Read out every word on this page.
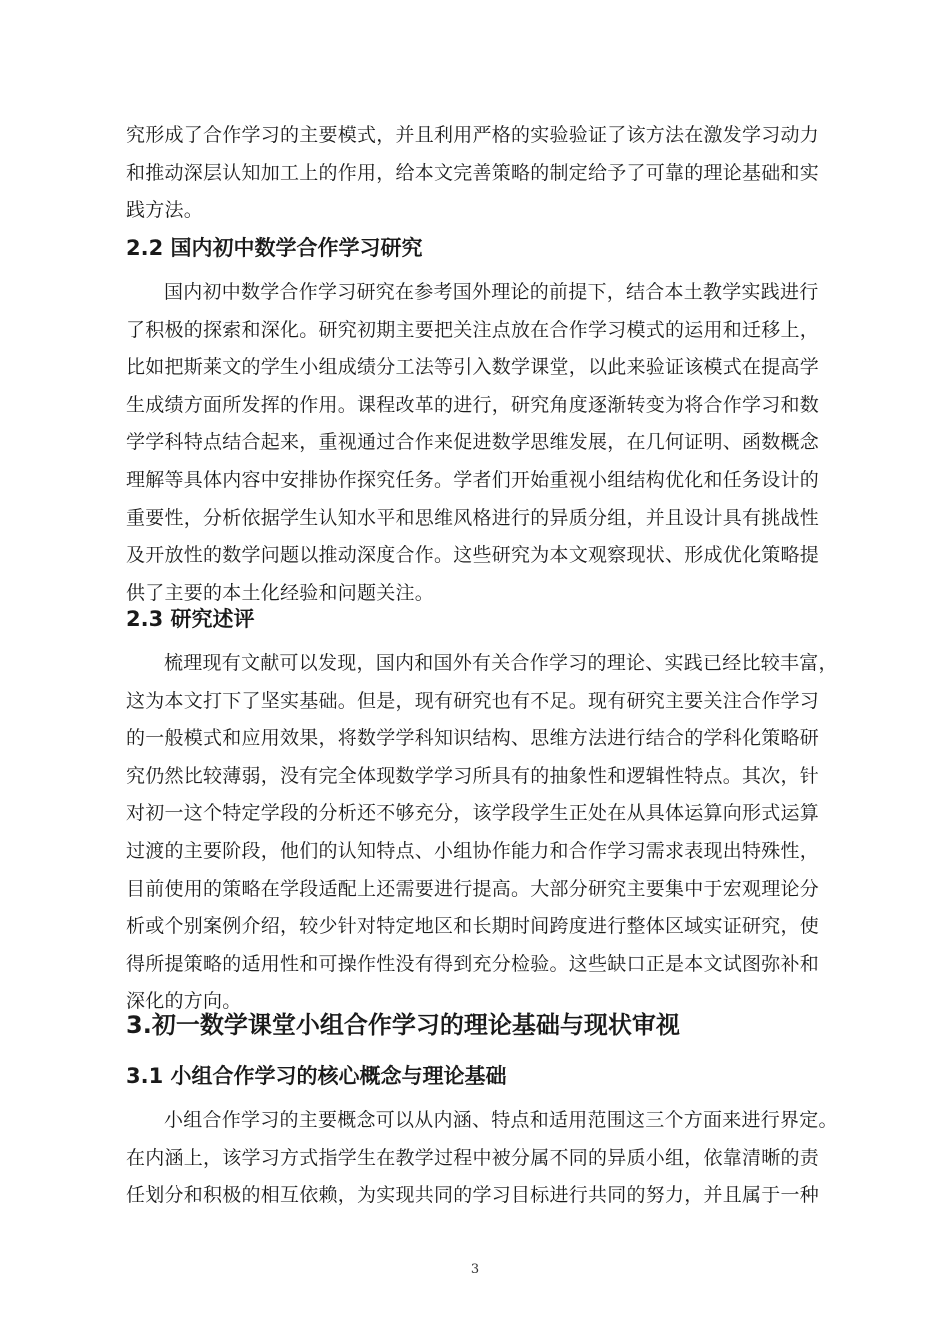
究形成了合作学习的主要模式，并且利用严格的实验验证了该方法在激发学习动力
和推动深层认知加工上的作用，给本文完善策略的制定给予了可靠的理论基础和实
践方法。
2.2 国内初中数学合作学习研究
国内初中数学合作学习研究在参考国外理论的前提下，结合本土教学实践进行
了积极的探索和深化。研究初期主要把关注点放在合作学习模式的运用和迁移上，
比如把斯莱文的学生小组成绩分工法等引入数学课堂，以此来验证该模式在提高学
生成绩方面所发挥的作用。课程改革的进行，研究角度逐渐转变为将合作学习和数
学学科特点结合起来，重视通过合作来促进数学思维发展，在几何证明、函数概念
理解等具体内容中安排协作探究任务。学者们开始重视小组结构优化和任务设计的
重要性，分析依据学生认知水平和思维风格进行的异质分组，并且设计具有挑战性
及开放性的数学问题以推动深度合作。这些研究为本文观察现状、形成优化策略提
供了主要的本土化经验和问题关注。
2.3 研究述评
梳理现有文献可以发现，国内和国外有关合作学习的理论、实践已经比较丰富，
这为本文打下了坚实基础。但是，现有研究也有不足。现有研究主要关注合作学习
的一般模式和应用效果，将数学学科知识结构、思维方法进行结合的学科化策略研
究仍然比较薄弱，没有完全体现数学学习所具有的抽象性和逻辑性特点。其次，针
对初一这个特定学段的分析还不够充分，该学段学生正处在从具体运算向形式运算
过渡的主要阶段，他们的认知特点、小组协作能力和合作学习需求表现出特殊性，
目前使用的策略在学段适配上还需要进行提高。大部分研究主要集中于宏观理论分
析或个别案例介绍，较少针对特定地区和长期时间跨度进行整体区域实证研究，使
得所提策略的适用性和可操作性没有得到充分检验。这些缺口正是本文试图弥补和
深化的方向。
3.初一数学课堂小组合作学习的理论基础与现状审视
3.1 小组合作学习的核心概念与理论基础
小组合作学习的主要概念可以从内涵、特点和适用范围这三个方面来进行界定。
在内涵上，该学习方式指学生在教学过程中被分属不同的异质小组，依靠清晰的责
任划分和积极的相互依赖，为实现共同的学习目标进行共同的努力，并且属于一种
3
